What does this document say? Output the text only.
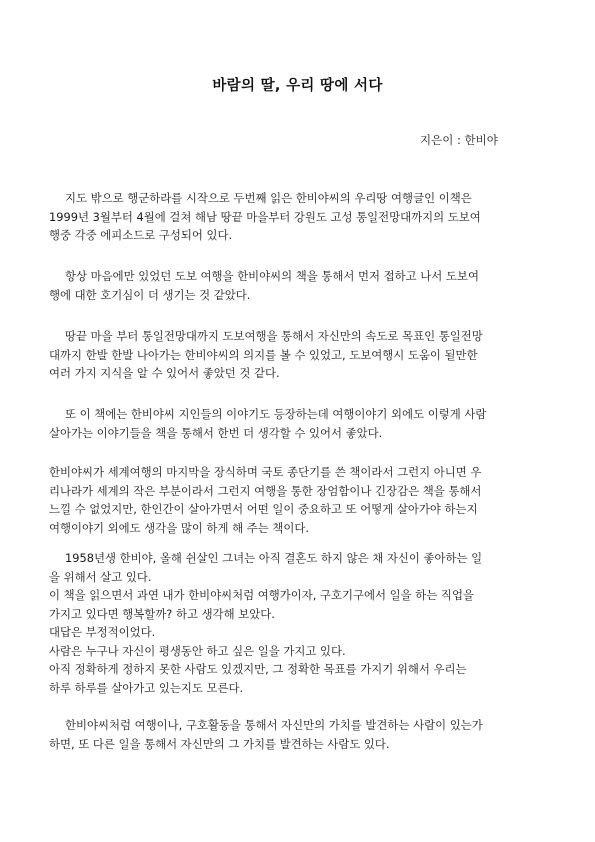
바람의 딸, 우리 땅에 서다
지은이 : 한비야
지도 밖으로 행군하라를 시작으로 두번째 읽은 한비야씨의 우리땅 여행글인 이책은
1999년 3월부터 4월에 걸쳐 해남 땅끝 마을부터 강원도 고성 통일전망대까지의 도보여
행중 각중 에피소드로 구성되어 있다.
항상 마음에만 있었던 도보 여행을 한비야씨의 책을 통해서 먼저 접하고 나서 도보여
행에 대한 호기심이 더 생기는 것 같았다.
땅끝 마을 부터 통일전망대까지 도보여행을 통해서 자신만의 속도로 목표인 통일전망
대까지 한발 한발 나아가는 한비야씨의 의지를 볼 수 있었고, 도보여행시 도움이 될만한
여러 가지 지식을 알 수 있어서 좋았던 것 같다.
또 이 책에는 한비야씨 지인들의 이야기도 등장하는데 여행이야기 외에도 이렇게 사람
살아가는 이야기들을 책을 통해서 한번 더 생각할 수 있어서 좋았다.
한비야씨가 세계여행의 마지막을 장식하며 국토 종단기를 쓴 책이라서 그런지 아니면 우
리나라가 세계의 작은 부분이라서 그런지 여행을 통한 장엄함이나 긴장감은 책을 통해서
느낄 수 없었지만, 한인간이 살아가면서 어떤 일이 중요하고 또 어떻게 살아가야 하는지
여행이야기 외에도 생각을 많이 하게 해 주는 책이다.
1958년생 한비야, 올해 쉰살인 그녀는 아직 결혼도 하지 않은 채 자신이 좋아하는 일
을 위해서 살고 있다.
이 책을 읽으면서 과연 내가 한비야씨처럼 여행가이자, 구호기구에서 일을 하는 직업을
가지고 있다면 행복할까? 하고 생각해 보았다.
대답은 부정적이었다.
사람은 누구나 자신이 평생동안 하고 싶은 일을 가지고 있다.
아직 정확하게 정하지 못한 사람도 있겠지만, 그 정확한 목표를 가지기 위해서 우리는
하루 하루를 살아가고 있는지도 모른다.
한비야씨처럼 여행이나, 구호활동을 통해서 자신만의 가치를 발견하는 사람이 있는가
하면, 또 다른 일을 통해서 자신만의 그 가치를 발견하는 사람도 있다.
